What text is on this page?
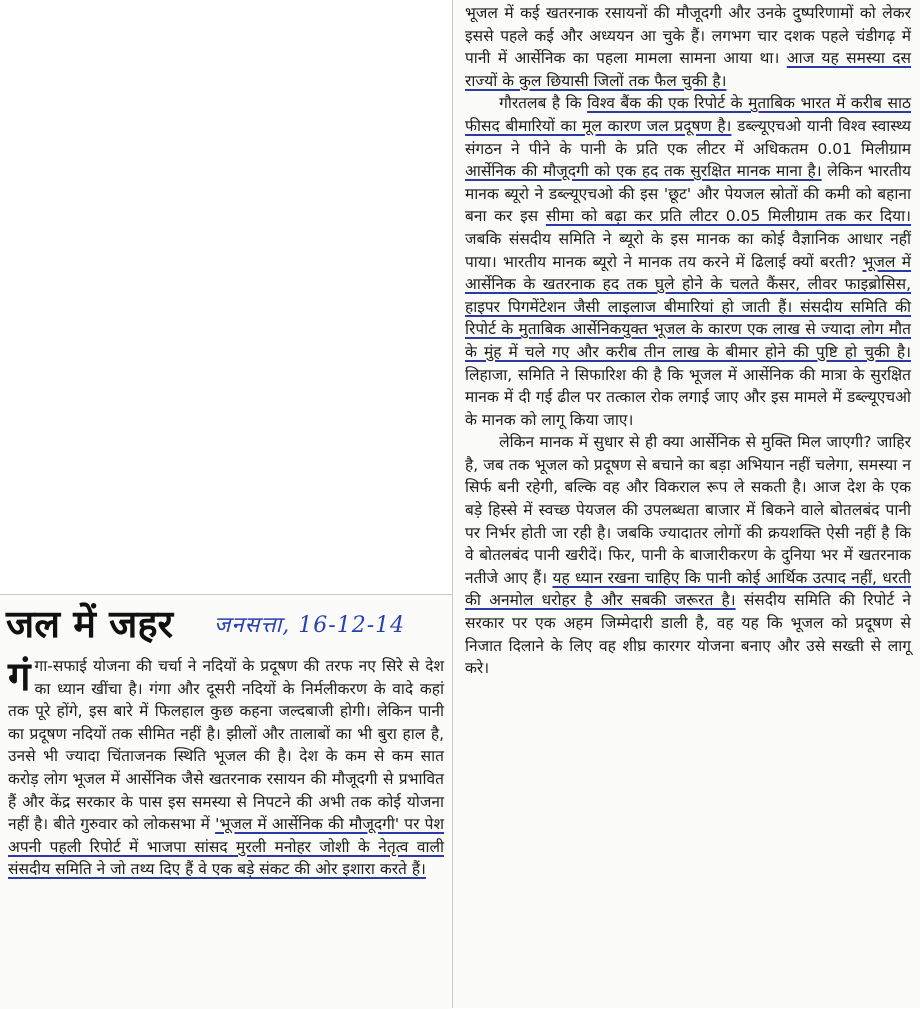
भूजल में कई खतरनाक रसायनों की मौजूदगी और उनके दुष्परिणामों को लेकर इससे पहले कई और अध्ययन आ चुके हैं। लगभग चार दशक पहले चंडीगढ़ में पानी में आर्सेनिक का पहला मामला सामना आया था। आज यह समस्या दस राज्यों के कुल छियासी जिलों तक फैल चुकी है।

गौरतलब है कि विश्व बैंक की एक रिपोर्ट के मुताबिक भारत में करीब साठ फीसद बीमारियों का मूल कारण जल प्रदूषण है। डब्ल्यूएचओ यानी विश्व स्वास्थ्य संगठन ने पीने के पानी के प्रति एक लीटर में अधिकतम 0.01 मिलीग्राम आर्सेनिक की मौजूदगी को एक हद तक सुरक्षित मानक माना है। लेकिन भारतीय मानक ब्यूरो ने डब्ल्यूएचओ की इस 'छूट' और पेयजल स्रोतों की कमी को बहाना बना कर इस सीमा को बढ़ा कर प्रति लीटर 0.05 मिलीग्राम तक कर दिया। जबकि संसदीय समिति ने ब्यूरो के इस मानक का कोई वैज्ञानिक आधार नहीं पाया। भारतीय मानक ब्यूरो ने मानक तय करने में ढिलाई क्यों बरती? भूजल में आर्सेनिक के खतरनाक हद तक घुले होने के चलते कैंसर, लीवर फाइब्रोसिस, हाइपर पिगमेंटेशन जैसी लाइलाज बीमारियां हो जाती हैं। संसदीय समिति की रिपोर्ट के मुताबिक आर्सेनिकयुक्त भूजल के कारण एक लाख से ज्यादा लोग मौत के मुंह में चले गए और करीब तीन लाख के बीमार होने की पुष्टि हो चुकी है। लिहाजा, समिति ने सिफारिश की है कि भूजल में आर्सेनिक की मात्रा के सुरक्षित मानक में दी गई ढील पर तत्काल रोक लगाई जाए और इस मामले में डब्ल्यूएचओ के मानक को लागू किया जाए।

लेकिन मानक में सुधार से ही क्या आर्सेनिक से मुक्ति मिल जाएगी? जाहिर है, जब तक भूजल को प्रदूषण से बचाने का बड़ा अभियान नहीं चलेगा, समस्या न सिर्फ बनी रहेगी, बल्कि वह और विकराल रूप ले सकती है। आज देश के एक बड़े हिस्से में स्वच्छ पेयजल की उपलब्धता बाजार में बिकने वाले बोतलबंद पानी पर निर्भर होती जा रही है। जबकि ज्यादातर लोगों की क्रयशक्ति ऐसी नहीं है कि वे बोतलबंद पानी खरीदें। फिर, पानी के बाजारीकरण के दुनिया भर में खतरनाक नतीजे आए हैं। यह ध्यान रखना चाहिए कि पानी कोई आर्थिक उत्पाद नहीं, धरती की अनमोल धरोहर है और सबकी जरूरत है। संसदीय समिति की रिपोर्ट ने सरकार पर एक अहम जिम्मेदारी डाली है, वह यह कि भूजल को प्रदूषण से निजात दिलाने के लिए वह शीघ्र कारगर योजना बनाए और उसे सख्ती से लागू करे।

जल में जहर जनसत्ता, 16-12-14

गंगा-सफाई योजना की चर्चा ने नदियों के प्रदूषण की तरफ नए सिरे से देश का ध्यान खींचा है। गंगा और दूसरी नदियों के निर्मलीकरण के वादे कहां तक पूरे होंगे, इस बारे में फिलहाल कुछ कहना जल्दबाजी होगी। लेकिन पानी का प्रदूषण नदियों तक सीमित नहीं है। झीलों और तालाबों का भी बुरा हाल है, उनसे भी ज्यादा चिंताजनक स्थिति भूजल की है। देश के कम से कम सात करोड़ लोग भूजल में आर्सेनिक जैसे खतरनाक रसायन की मौजूदगी से प्रभावित हैं और केंद्र सरकार के पास इस समस्या से निपटने की अभी तक कोई योजना नहीं है। बीते गुरुवार को लोकसभा में 'भूजल में आर्सेनिक की मौजूदगी' पर पेश अपनी पहली रिपोर्ट में भाजपा सांसद मुरली मनोहर जोशी के नेतृत्व वाली संसदीय समिति ने जो तथ्य दिए हैं वे एक बड़े संकट की ओर इशारा करते हैं।
